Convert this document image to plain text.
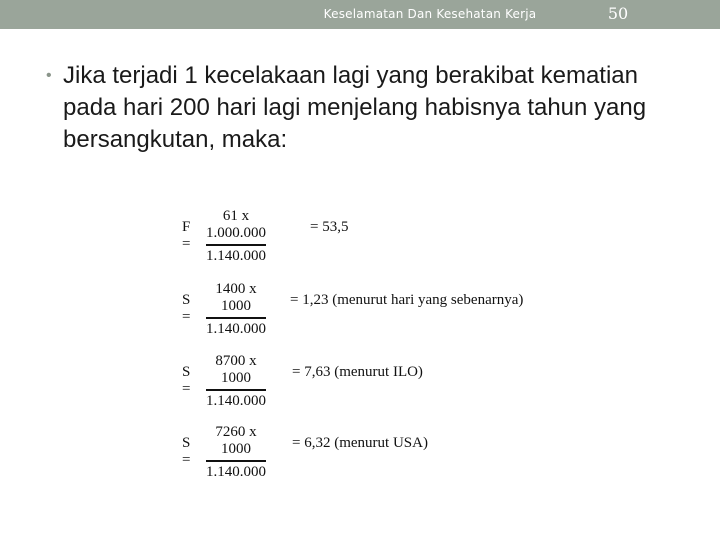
Keselamatan Dan Kesehatan Kerja	50
• Jika terjadi 1 kecelakaan lagi yang berakibat kematian pada hari 200 hari lagi menjelang habisnya tahun yang bersangkutan, maka:
F =
61 x 1.000.000
1.140.000
= 53,5
S =
1400 x 1000
1.140.000
= 1,23 (menurut hari yang sebenarnya)
S =
8700 x 1000
1.140.000
= 7,63 (menurut ILO)
S =
7260 x 1000
1.140.000
= 6,32 (menurut USA)
